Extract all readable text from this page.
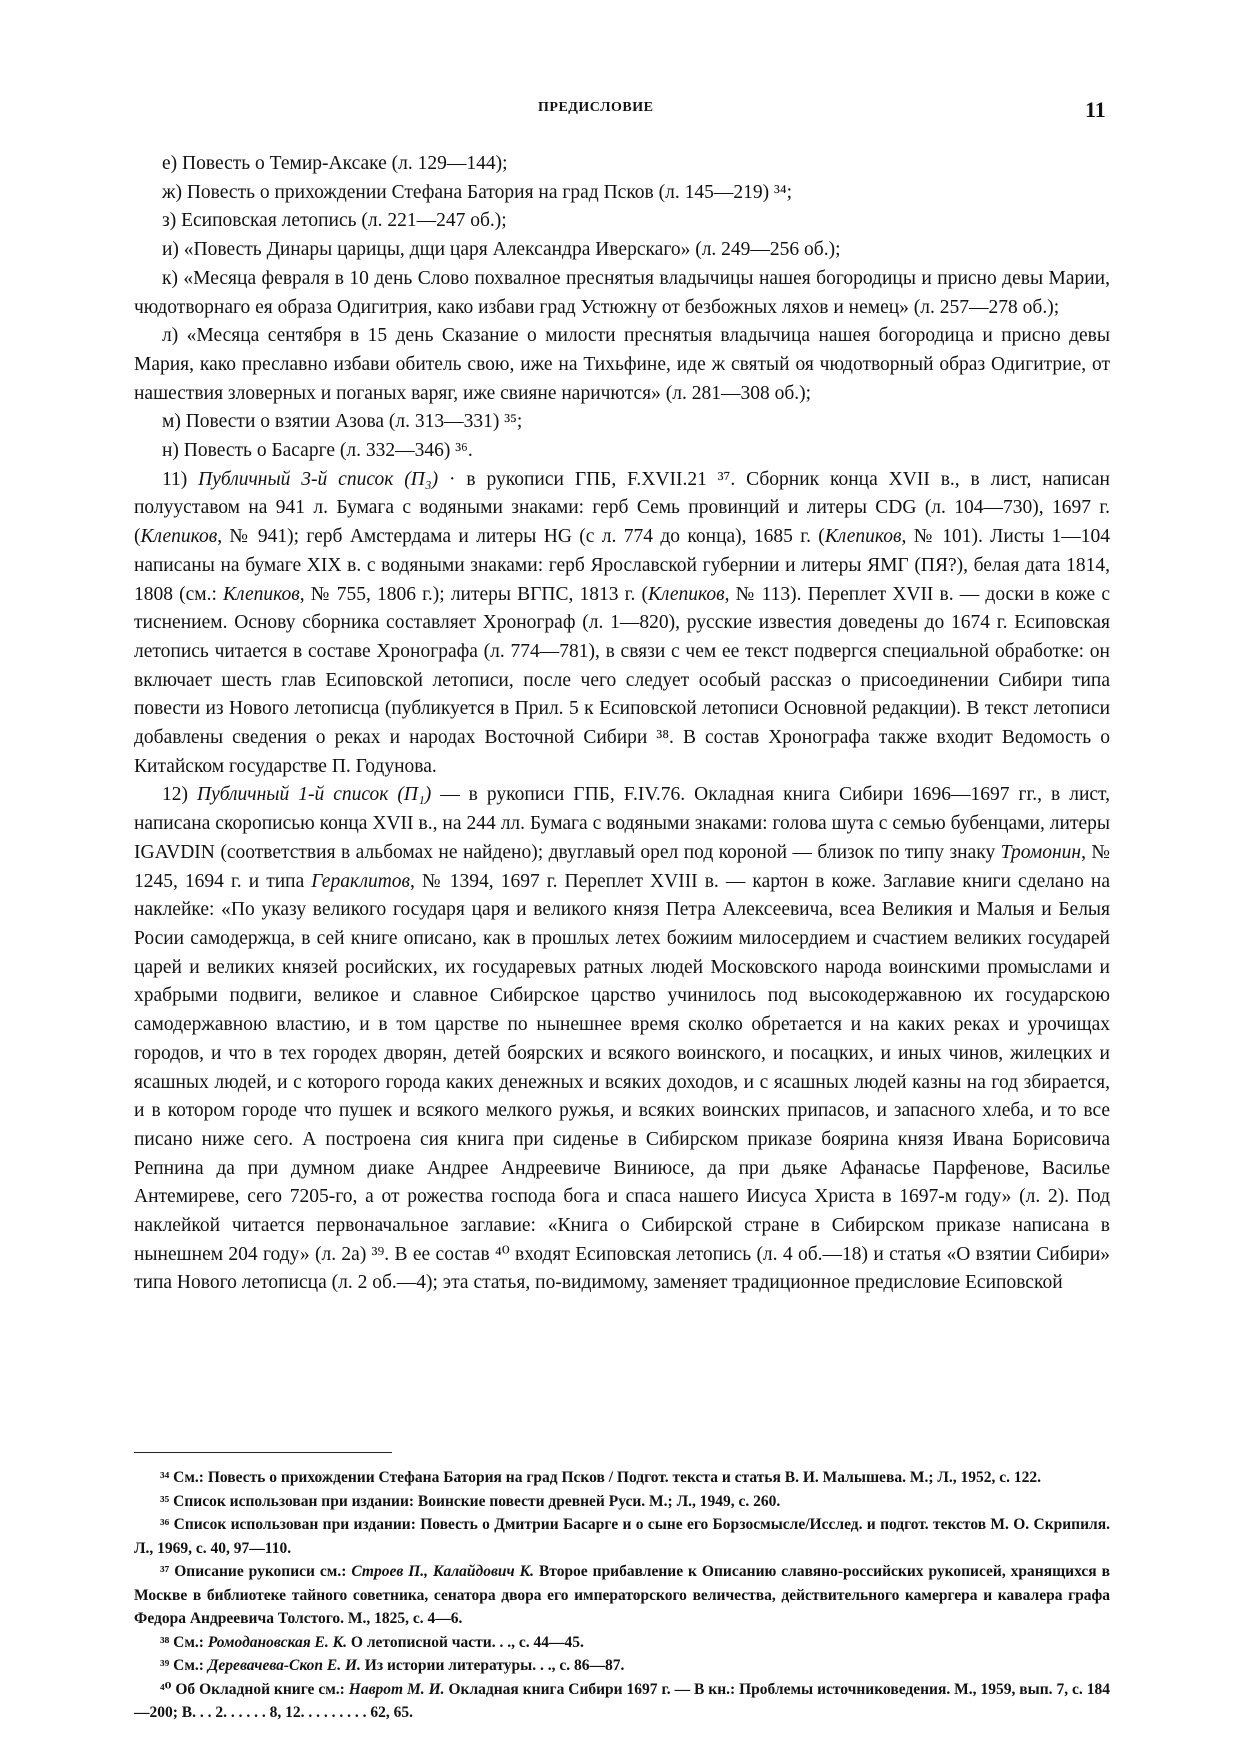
ПРЕДИСЛОВИЕ	11

е) Повесть о Темир-Аксаке (л. 129—144);

ж) Повесть о прихождении Стефана Батория на град Псков (л. 145—219) ³⁴;

з) Есиповская летопись (л. 221—247 об.);

и) «Повесть Динары царицы, дщи царя Александра Иверскаго» (л. 249—256 об.);

к) «Месяца февраля в 10 день Слово похвалное преснятыя владычицы нашея богородицы и присно девы Марии, чюдотворнаго ея образа Одигитрия, како избави град Устюжну от безбожных ляхов и немец» (л. 257—278 об.);

л) «Месяца сентября в 15 день Сказание о милости преснятыя владычица нашея богородица и присно девы Мария, како преславно избави обитель свою, иже на Тихьфине, иде ж святый оя чюдотворный образ Одигитрие, от нашествия зловерных и поганых варяг, иже свияне наричются» (л. 281—308 об.);

м) Повести о взятии Азова (л. 313—331) ³⁵;

н) Повесть о Басарге (л. 332—346) ³⁶.

11) Публичный 3-й список (П₃) · в рукописи ГПБ, F.XVII.21 ³⁷. Сборник конца XVII в., в лист, написан полууставом на 941 л. Бумага с водяными знаками: герб Семь провинций и литеры CDG (л. 104—730), 1697 г. (Клепиков, № 941); герб Амстердама и литеры HG (с л. 774 до конца), 1685 г. (Клепиков, № 101). Листы 1—104 написаны на бумаге XIX в. с водяными знаками: герб Ярославской губернии и литеры ЯМГ (ПЯ?), белая дата 1814, 1808 (см.: Клепиков, № 755, 1806 г.); литеры ВГПС, 1813 г. (Клепиков, № 113). Переплет XVII в. — доски в коже с тиснением. Основу сборника составляет Хронограф (л. 1—820), русские известия доведены до 1674 г. Есиповская летопись читается в составе Хронографа (л. 774—781), в связи с чем ее текст подвергся специальной обработке: он включает шесть глав Есиповской летописи, после чего следует особый рассказ о присоединении Сибири типа повести из Нового летописца (публикуется в Прил. 5 к Есиповской летописи Основной редакции). В текст летописи добавлены сведения о реках и народах Восточной Сибири ³⁸. В состав Хронографа также входит Ведомость о Китайском государстве П. Годунова.

12) Публичный 1-й список (П₁) — в рукописи ГПБ, F.IV.76. Окладная книга Сибири 1696—1697 гг., в лист, написана скорописью конца XVII в., на 244 лл. Бумага с водяными знаками: голова шута с семью бубенцами, литеры IGAVDIN (соответствия в альбомах не найдено); двуглавый орел под короной — близок по типу знаку Тромонин, № 1245, 1694 г. и типа Гераклитов, № 1394, 1697 г. Переплет XVIII в. — картон в коже. Заглавие книги сделано на наклейке: «По указу великого государя царя и великого князя Петра Алексеевича, всеа Великия и Малыя и Белыя Росии самодержца, в сей книге описано, как в прошлых летех божиим милосердием и счастием великих государей царей и великих князей росийских, их государевых ратных людей Московского народа воинскими промыслами и храбрыми подвиги, великое и славное Сибирское царство учинилось под высокодержавною их государскою самодержавною властию, и в том царстве по нынешнее время сколко обретается и на каких реках и урочищах городов, и что в тех городех дворян, детей боярских и всякого воинского, и посацких, и иных чинов, жилецких и ясашных людей, и с которого города каких денежных и всяких доходов, и с ясашных людей казны на год збирается, и в котором городе что пушек и всякого мелкого ружья, и всяких воинских припасов, и запасного хлеба, и то все писано ниже сего. А построена сия книга при сиденье в Сибирском приказе боярина князя Ивана Борисовича Репнина да при думном диаке Андрее Андреевиче Виниюсе, да при дьяке Афанасье Парфенове, Василье Антемиреве, сего 7205-го, а от рожества господа бога и спаса нашего Иисуса Христа в 1697-м году» (л. 2). Под наклейкой читается первоначальное заглавие: «Книга о Сибирской стране в Сибирском приказе написана в нынешнем 204 году» (л. 2а) ³⁹. В ее состав ⁴⁰ входят Есиповская летопись (л. 4 об.—18) и статья «О взятии Сибири» типа Нового летописца (л. 2 об.—4); эта статья, по-видимому, заменяет традиционное предисловие Есиповской

³⁴ См.: Повесть о прихождении Стефана Батория на град Псков / Подгот. текста и статья В. И. Малышева. М.; Л., 1952, с. 122.

³⁵ Список использован при издании: Воинские повести древней Руси. М.; Л., 1949, с. 260.

³⁶ Список использован при издании: Повесть о Дмитрии Басарге и о сыне его Борзосмысле/Исслед. и подгот. текстов М. О. Скрипиля. Л., 1969, с. 40, 97—110.

³⁷ Описание рукописи см.: Строев П., Калайдович К. Второе прибавление к Описанию славяно-российских рукописей, хранящихся в Москве в библиотеке тайного советника, сенатора двора его императорского величества, действительного камергера и кавалера графа Федора Андреевича Толстого. М., 1825, с. 4—6.

³⁸ См.: Ромодановская Е. К. О летописной части. . ., с. 44—45.

³⁹ См.: Деревачева-Скоп Е. И. Из истории литературы. . ., с. 86—87.

⁴⁰ Об Окладной книге см.: Наврот М. И. Окладная книга Сибири 1697 г. — В кн.: Проблемы источниковедения. М., 1959, вып. 7, с. 184—200; В. . . 2. . . . . . 8, 12. . . . . . . . . 62, 65.
